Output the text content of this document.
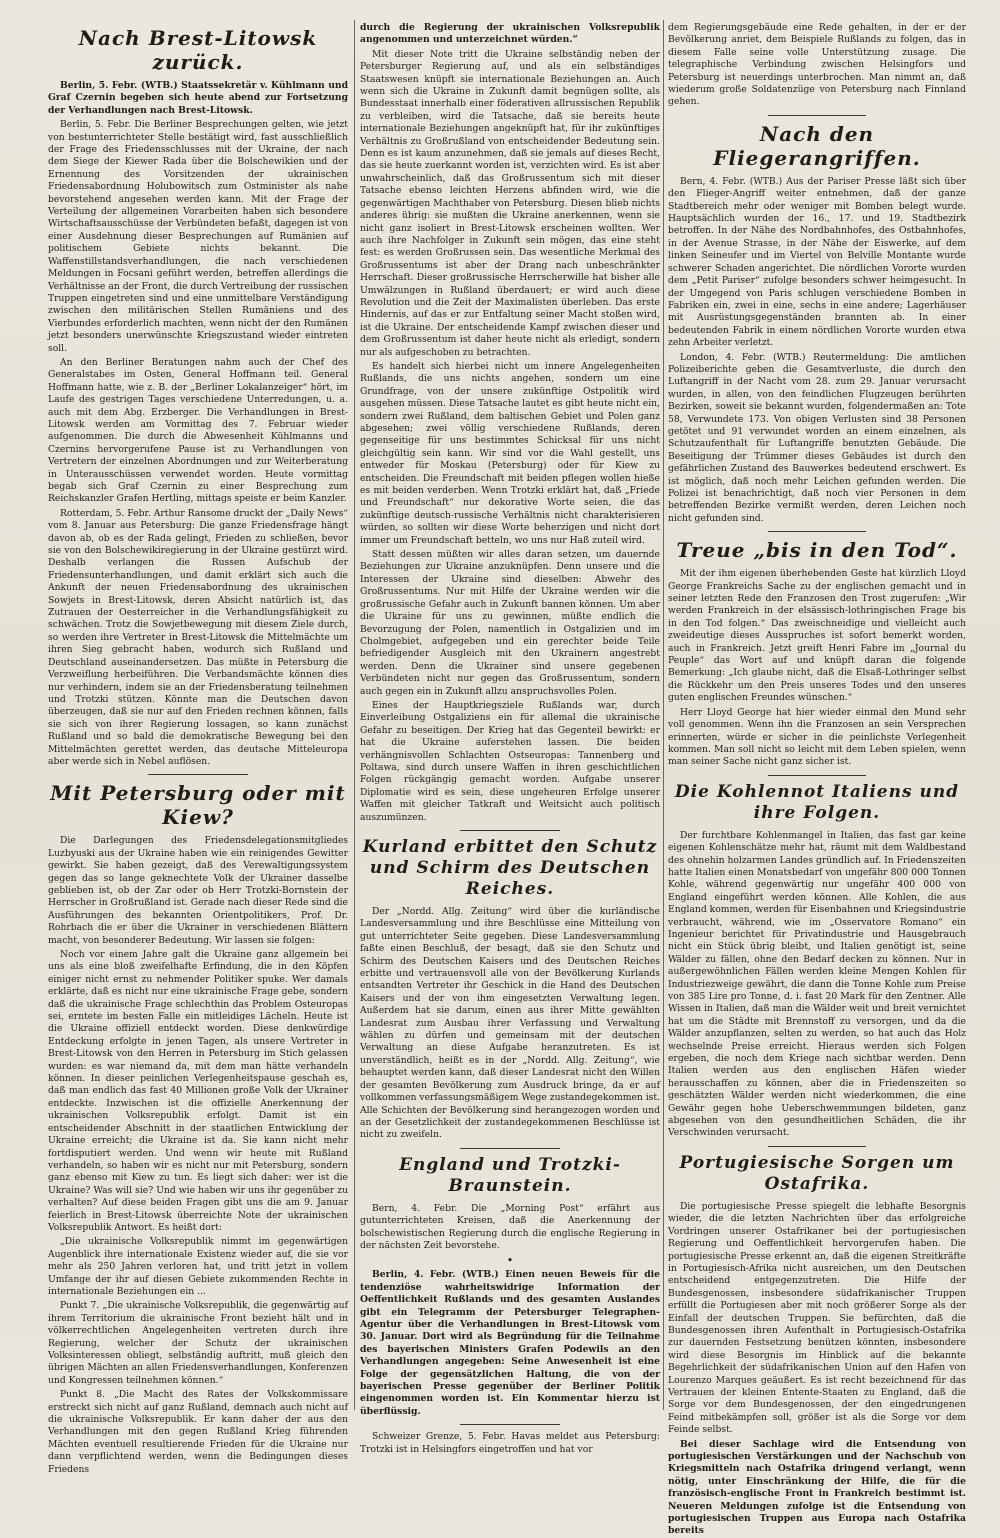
Nach Brest-Litowsk zurück.

Berlin, 5. Febr. (WTB.) Staatssekretär v. Kühlmann und Graf Czernin begeben sich heute abend zur Fortsetzung der Verhandlungen nach Brest-Litowsk.

Berlin, 5. Febr. Die Berliner Besprechungen gelten, wie jetzt von bestunterrichteter Stelle bestätigt wird, fast ausschließlich der Frage des Friedensschlusses mit der Ukraine, der nach dem Siege der Kiewer Rada über die Bolschewikien und der Ernennung des Vorsitzenden der ukrainischen Friedensabordnung Holubowitsch zum Ostminister als nahe bevorstehend angesehen werden kann. Mit der Frage der Verteilung der allgemeinen Vorarbeiten haben sich besondere Wirtschaftsausschüsse der Verbündeten befaßt, dagegen ist von einer Ausdehnung dieser Besprechungen auf Rumänien auf politischem Gebiete nichts bekannt. Die Waffenstillstandsverhandlungen, die nach verschiedenen Meldungen in Focsani geführt werden, betreffen allerdings die Verhältnisse an der Front, die durch Vertreibung der russischen Truppen eingetreten sind und eine unmittelbare Verständigung zwischen den militärischen Stellen Rumäniens und des Vierbundes erforderlich machten, wenn nicht der den Rumänen jetzt besonders unerwünschte Kriegszustand wieder eintreten soll.

An den Berliner Beratungen nahm auch der Chef des Generalstabes im Osten, General Hoffmann teil. General Hoffmann hatte, wie z. B. der „Berliner Lokalanzeiger“ hört, im Laufe des gestrigen Tages verschiedene Unterredungen, u. a. auch mit dem Abg. Erzberger. Die Verhandlungen in Brest-Litowsk werden am Vormittag des 7. Februar wieder aufgenommen. Die durch die Abwesenheit Kühlmanns und Czernins hervorgerufene Pause ist zu Verhandlungen von Vertretern der einzelnen Abordnungen und zur Weiterberatung in Unterausschüssen verwendet worden. Heute vormittag begab sich Graf Czernin zu einer Besprechung zum Reichskanzler Grafen Hertling, mittags speiste er beim Kanzler.

Rotterdam, 5. Febr. Arthur Ransome druckt der „Daily News“ vom 8. Januar aus Petersburg: Die ganze Friedensfrage hängt davon ab, ob es der Rada gelingt, Frieden zu schließen, bevor sie von den Bolschewikiregierung in der Ukraine gestürzt wird. Deshalb verlangen die Russen Aufschub der Friedensunterhandlungen, und damit erklärt sich auch die Ankunft der neuen Friedensabordnung des ukrainischen Sowjets in Brest-Litowsk, deren Absicht natürlich ist, das Zutrauen der Oesterreicher in die Verhandlungsfähigkeit zu schwächen. Trotz die Sowjetbewegung mit diesem Ziele durch, so werden ihre Vertreter in Brest-Litowsk die Mittelmächte um ihren Sieg gebracht haben, wodurch sich Rußland und Deutschland auseinandersetzen. Das müßte in Petersburg die Verzweiflung herbeiführen. Die Verbandsmächte können dies nur verhindern, indem sie an der Friedensberatung teilnehmen und Trotzki stützen. Könnte man die Deutschen davon überzeugen, daß sie nur auf den Frieden rechnen können, falls sie sich von ihrer Regierung lossagen, so kann zunächst Rußland und so bald die demokratische Bewegung bei den Mittelmächten gerettet werden, das deutsche Mitteleuropa aber werde sich in Nebel auflösen.

Mit Petersburg oder mit Kiew?

Die Darlegungen des Friedensdelegationsmitgliedes Luzbyuski aus der Ukraine haben wie ein reinigendes Gewitter gewirkt. Sie haben gezeigt, daß des Verewaltigungssystem gegen das so lange geknechtete Volk der Ukrainer dasselbe geblieben ist, ob der Zar oder ob Herr Trotzki-Bornstein der Herrscher in Großrußland ist. Gerade nach dieser Rede sind die Ausführungen des bekannten Orientpolitikers, Prof. Dr. Rohrbach die er über die Ukrainer in verschiedenen Blättern macht, von besonderer Bedeutung. Wir lassen sie folgen:

Noch vor einem Jahre galt die Ukraine ganz allgemein bei uns als eine bloß zweifelhafte Erfindung, die in den Köpfen einiger nicht ernst zu nehmender Politiker spuke. Wer damals erklärte, daß es nicht nur eine ukrainische Frage gebe, sondern daß die ukrainische Frage schlechthin das Problem Osteuropas sei, erntete im besten Falle ein mitleidiges Lächeln. Heute ist die Ukraine offiziell entdeckt worden. Diese denkwürdige Entdeckung erfolgte in jenen Tagen, als unsere Vertreter in Brest-Litowsk von den Herren in Petersburg im Stich gelassen wurden: es war niemand da, mit dem man hätte verhandeln können. In dieser peinlichen Verlegenheitspause geschah es, daß man endlich das fast 40 Millionen große Volk der Ukrainer entdeckte. Inzwischen ist die offizielle Anerkennung der ukrainischen Volksrepublik erfolgt. Damit ist ein entscheidender Abschnitt in der staatlichen Entwicklung der Ukraine erreicht; die Ukraine ist da. Sie kann nicht mehr fortdisputiert werden. Und wenn wir heute mit Rußland verhandeln, so haben wir es nicht nur mit Petersburg, sondern ganz ebenso mit Kiew zu tun. Es liegt sich daher: wer ist die Ukraine? Was will sie? Und wie haben wir uns ihr gegenüber zu verhalten? Auf diese beiden Fragen gibt uns die am 9. Januar feierlich in Brest-Litowsk überreichte Note der ukrainischen Volksrepublik Antwort. Es heißt dort:

„Die ukrainische Volksrepublik nimmt im gegenwärtigen Augenblick ihre internationale Existenz wieder auf, die sie vor mehr als 250 Jahren verloren hat, und tritt jetzt in vollem Umfange der ihr auf diesen Gebiete zukommenden Rechte in internationale Beziehungen ein ...

Punkt 7. „Die ukrainische Volksrepublik, die gegenwärtig auf ihrem Territorium die ukrainische Front bezieht hält und in völkerrechtlichen Angelegenheiten vertreten durch ihre Regierung, welcher der Schutz der ukrainischen Volksinteressen obliegt, selbständig auftritt, muß gleich den übrigen Mächten an allen Friedensverhandlungen, Konferenzen und Kongressen teilnehmen können.“

Punkt 8. „Die Macht des Rates der Volkskommissare erstreckt sich nicht auf ganz Rußland, demnach auch nicht auf die ukrainische Volksrepublik. Er kann daher der aus den Verhandlungen mit den gegen Rußland Krieg führenden Mächten eventuell resultierende Frieden für die Ukraine nur dann verpflichtend werden, wenn die Bedingungen dieses Friedens

durch die Regierung der ukrainischen Volksrepublik angenommen und unterzeichnet würden.“

Mit dieser Note tritt die Ukraine selbständig neben der Petersburger Regierung auf, und als ein selbständiges Staatswesen knüpft sie internationale Beziehungen an. Auch wenn sich die Ukraine in Zukunft damit begnügen sollte, als Bundesstaat innerhalb einer föderativen allrussischen Republik zu verbleiben, wird die Tatsache, daß sie bereits heute internationale Beziehungen angeknüpft hat, für ihr zukünftiges Verhältnis zu Großrußland von entscheidender Bedeutung sein. Denn es ist kaum anzunehmen, daß sie jemals auf dieses Recht, das sie heute zuerkannt worden ist, verzichten wird. Es ist aber unwahrscheinlich, daß das Großrussentum sich mit dieser Tatsache ebenso leichten Herzens abfinden wird, wie die gegenwärtigen Machthaber von Petersburg. Diesen blieb nichts anderes übrig: sie mußten die Ukraine anerkennen, wenn sie nicht ganz isoliert in Brest-Litowsk erscheinen wollten. Wer auch ihre Nachfolger in Zukunft sein mögen, das eine steht fest: es werden Großrussen sein. Das wesentliche Merkmal des Großrussentums ist aber der Drang nach unbeschränkter Herrschaft. Dieser großrussische Herrscherwille hat bisher alle Umwälzungen in Rußland überdauert; er wird auch diese Revolution und die Zeit der Maximalisten überleben. Das erste Hindernis, auf das er zur Entfaltung seiner Macht stoßen wird, ist die Ukraine. Der entscheidende Kampf zwischen dieser und dem Großrussentum ist daher heute nicht als erledigt, sondern nur als aufgeschoben zu betrachten.

Es handelt sich hierbei nicht um innere Angelegenheiten Rußlands, die uns nichts angehen, sondern um eine Grundfrage, von der unsere zukünftige Ostpolitik wird ausgehen müssen. Diese Tatsache lautet es gibt heute nicht ein, sondern zwei Rußland, dem baltischen Gebiet und Polen ganz abgesehen; zwei völlig verschiedene Rußlands, deren gegenseitige für uns bestimmtes Schicksal für uns nicht gleichgültig sein kann. Wir sind vor die Wahl gestellt, uns entweder für Moskau (Petersburg) oder für Kiew zu entscheiden. Die Freundschaft mit beiden pflegen wollen hieße es mit beiden verderben. Wenn Trotzki erklärt hat, daß „Friede und Freundschaft“ nur dekorative Worte seien, die das zukünftige deutsch-russische Verhältnis nicht charakterisieren würden, so sollten wir diese Worte beherzigen und nicht dort immer um Freundschaft betteln, wo uns nur Haß zuteil wird.

Statt dessen müßten wir alles daran setzen, um dauernde Beziehungen zur Ukraine anzuknüpfen. Denn unsere und die Interessen der Ukraine sind dieselben: Abwehr des Großrussentums. Nur mit Hilfe der Ukraine werden wir die großrussische Gefahr auch in Zukunft bannen können. Um aber die Ukraine für uns zu gewinnen, müßte endlich die Bevorzugung der Polen, namentlich in Ostgalizien und im Cholmgebiet, aufgegeben und ein gerechter beide Teile befriedigender Ausgleich mit den Ukrainern angestrebt werden. Denn die Ukrainer sind unsere gegebenen Verbündeten nicht nur gegen das Großrussentum, sondern auch gegen ein in Zukunft allzu anspruchsvolles Polen.

Eines der Hauptkriegsziele Rußlands war, durch Einverleibung Ostgaliziens ein für allemal die ukrainische Gefahr zu beseitigen. Der Krieg hat das Gegenteil bewirkt: er hat die Ukraine auferstehen lassen. Die beiden verhängnisvollen Schlachten Ostseuropas: Tannenberg und Poltawa, sind durch unsere Waffen in ihren geschichtlichen Folgen rückgängig gemacht worden. Aufgabe unserer Diplomatie wird es sein, diese ungeheuren Erfolge unserer Waffen mit gleicher Tatkraft und Weitsicht auch politisch auszumünzen.

Kurland erbittet den Schutz und Schirm des Deutschen Reiches.

Der „Nordd. Allg. Zeitung“ wird über die kurländische Landesversammlung und ihre Beschlüsse eine Mitteilung von gut unterrichteter Seite gegeben. Diese Landesversammlung faßte einen Beschluß, der besagt, daß sie den Schutz und Schirm des Deutschen Kaisers und des Deutschen Reiches erbitte und vertrauensvoll alle von der Bevölkerung Kurlands entsandten Vertreter ihr Geschick in die Hand des Deutschen Kaisers und der von ihm eingesetzten Verwaltung legen. Außerdem hat sie darum, einen aus ihrer Mitte gewählten Landesrat zum Ausbau ihrer Verfassung und Verwaltung wählen zu dürfen und gemeinsam mit der deutschen Verwaltung an diese Aufgabe heranzutreten. Es ist unverständlich, heißt es in der „Nordd. Allg. Zeitung“, wie behauptet werden kann, daß dieser Landesrat nicht den Willen der gesamten Bevölkerung zum Ausdruck bringe, da er auf vollkommen verfassungsmäßigem Wege zustandegekommen ist. Alle Schichten der Bevölkerung sind herangezogen worden und an der Gesetzlichkeit der zustandegekommenen Beschlüsse ist nicht zu zweifeln.

England und Trotzki-Braunstein.

Bern, 4. Febr. Die „Morning Post“ erfährt aus gutunterrichteten Kreisen, daß die Anerkennung der bolschewistischen Regierung durch die englische Regierung in der nächsten Zeit bevorstehe.

•

Berlin, 4. Febr. (WTB.) Einen neuen Beweis für die tendenziöse wahrheitswidrige Information der Oeffentlichkeit Rußlands und des gesamten Auslandes gibt ein Telegramm der Petersburger Telegraphen-Agentur über die Verhandlungen in Brest-Litowsk vom 30. Januar. Dort wird als Begründung für die Teilnahme des bayerischen Ministers Grafen Podewils an den Verhandlungen angegeben: Seine Anwesenheit ist eine Folge der gegensätzlichen Haltung, die von der bayerischen Presse gegenüber der Berliner Politik eingenommen worden ist. Ein Kommentar hierzu ist überflüssig.

Schweizer Grenze, 5. Febr. Havas meldet aus Petersburg: Trotzki ist in Helsingfors eingetroffen und hat vor

dem Regierungsgebäude eine Rede gehalten, in der er der Bevölkerung anriet, dem Beispiele Rußlands zu folgen, das in diesem Falle seine volle Unterstützung zusage. Die telegraphische Verbindung zwischen Helsingfors und Petersburg ist neuerdings unterbrochen. Man nimmt an, daß wiederum große Soldatenzüge von Petersburg nach Finnland gehen.

Nach den Fliegerangriffen.

Bern, 4. Febr. (WTB.) Aus der Pariser Presse läßt sich über den Flieger-Angriff weiter entnehmen, daß der ganze Stadtbereich mehr oder weniger mit Bomben belegt wurde. Hauptsächlich wurden der 16., 17. und 19. Stadtbezirk betroffen. In der Nähe des Nordbahnhofes, des Ostbahnhofes, in der Avenue Strasse, in der Nähe der Eiswerke, auf dem linken Seineufer und im Viertel von Belville Montante wurde schwerer Schaden angerichtet. Die nördlichen Vororte wurden dem „Petit Pariser“ zufolge besonders schwer heimgesucht. In der Umgegend von Paris schlugen verschiedene Bomben in Fabriken ein, zwei in eine, sechs in eine andere; Lagerhäuser mit Ausrüstungsgegenständen brannten ab. In einer bedeutenden Fabrik in einem nördlichen Vororte wurden etwa zehn Arbeiter verletzt.

London, 4. Febr. (WTB.) Reutermeldung: Die amtlichen Polizeiberichte geben die Gesamtverluste, die durch den Luftangriff in der Nacht vom 28. zum 29. Januar verursacht wurden, in allen, von den feindlichen Flugzeugen berührten Bezirken, soweit sie bekannt wurden, folgendermaßen an: Tote 58, Verwundete 173. Von obigen Verlusten sind 38 Personen getötet und 91 verwundet worden an einem einzelnen, als Schutzaufenthalt für Luftangriffe benutzten Gebäude. Die Beseitigung der Trümmer dieses Gebäudes ist durch den gefährlichen Zustand des Bauwerkes bedeutend erschwert. Es ist möglich, daß noch mehr Leichen gefunden werden. Die Polizei ist benachrichtigt, daß noch vier Personen in dem betreffenden Bezirke vermißt werden, deren Leichen noch nicht gefunden sind.

Treue „bis in den Tod“.

Mit der ihm eigenen überhebenden Geste hat kürzlich Lloyd George Frankreichs Sache zu der englischen gemacht und in seiner letzten Rede den Franzosen den Trost zugerufen: „Wir werden Frankreich in der elsässisch-lothringischen Frage bis in den Tod folgen.“ Das zweischneidige und vielleicht auch zweideutige dieses Ausspruches ist sofort bemerkt worden, auch in Frankreich. Jetzt greift Henri Fabre im „Journal du Peuple“ das Wort auf und knüpft daran die folgende Bemerkung: „Ich glaube nicht, daß die Elsaß-Lothringer selbst die Rückkehr um den Preis unseres Todes und den unseres guten englischen Freundes wünschen.“

Herr Lloyd George hat hier wieder einmal den Mund sehr voll genommen. Wenn ihn die Franzosen an sein Versprechen erinnerten, würde er sicher in die peinlichste Verlegenheit kommen. Man soll nicht so leicht mit dem Leben spielen, wenn man seiner Sache nicht ganz sicher ist.

Die Kohlennot Italiens und ihre Folgen.

Der furchtbare Kohlenmangel in Italien, das fast gar keine eigenen Kohlenschätze mehr hat, räumt mit dem Waldbestand des ohnehin holzarmen Landes gründlich auf. In Friedenszeiten hatte Italien einen Monatsbedarf von ungefähr 800 000 Tonnen Kohle, während gegenwärtig nur ungefähr 400 000 von England eingeführt werden können. Alle Kohlen, die aus England kommen, werden für Eisenbahnen und Kriegsindustrie verbraucht, während, wie im „Osservatore Romano“ ein Ingenieur berichtet für Privatindustrie und Hausgebrauch nicht ein Stück übrig bleibt, und Italien genötigt ist, seine Wälder zu fällen, ohne den Bedarf decken zu können. Nur in außergewöhnlichen Fällen werden kleine Mengen Kohlen für Industriezweige gewährt, die dann die Tonne Kohle zum Preise von 385 Lire pro Tonne, d. i. fast 20 Mark für den Zentner. Alle Wissen in Italien, daß man die Wälder weit und breit vernichtet hat um die Städte mit Brennstoff zu versorgen, und da die Wälder anzupflanzen, selten zu werden, so hat auch das Holz wechselnde Preise erreicht. Hieraus werden sich Folgen ergeben, die noch dem Kriege nach sichtbar werden. Denn Italien werden aus den englischen Häfen wieder herausschaffen zu können, aber die in Friedenszeiten so geschätzten Wälder werden nicht wiederkommen, die eine Gewähr gegen hohe Ueberschwemmungen bildeten, ganz abgesehen von den gesundheitlichen Schäden, die ihr Verschwinden verursacht.

Portugiesische Sorgen um Ostafrika.

Die portugiesische Presse spiegelt die lebhafte Besorgnis wieder, die die letzten Nachrichten über das erfolgreiche Vordringen unserer Ostafrikaner bei der portugiesischen Regierung und Oeffentlichkeit hervorgerufen haben. Die portugiesische Presse erkennt an, daß die eigenen Streitkräfte in Portugiesisch-Afrika nicht ausreichen, um den Deutschen entscheidend entgegenzutreten. Die Hilfe der Bundesgenossen, insbesondere südafrikanischer Truppen erfüllt die Portugiesen aber mit noch größerer Sorge als der Einfall der deutschen Truppen. Sie befürchten, daß die Bundesgenossen ihren Aufenthalt in Portugiesisch-Ostafrika zur dauernden Festsetzung benützen könnten, insbesondere wird diese Besorgnis im Hinblick auf die bekannte Begehrlichkeit der südafrikanischen Union auf den Hafen von Lourenzo Marques geäußert. Es ist recht bezeichnend für das Vertrauen der kleinen Entente-Staaten zu England, daß die Sorge vor dem Bundesgenossen, der den eingedrungenen Feind mitbekämpfen soll, größer ist als die Sorge vor dem Feinde selbst.

Bei dieser Sachlage wird die Entsendung von portugiesischen Verstärkungen und der Nachschub von Kriegsmitteln nach Ostafrika dringend verlangt, wenn nötig, unter Einschränkung der Hilfe, die für die französisch-englische Front in Frankreich bestimmt ist. Neueren Meldungen zufolge ist die Entsendung von portugiesischen Truppen aus Europa nach Ostafrika bereits
